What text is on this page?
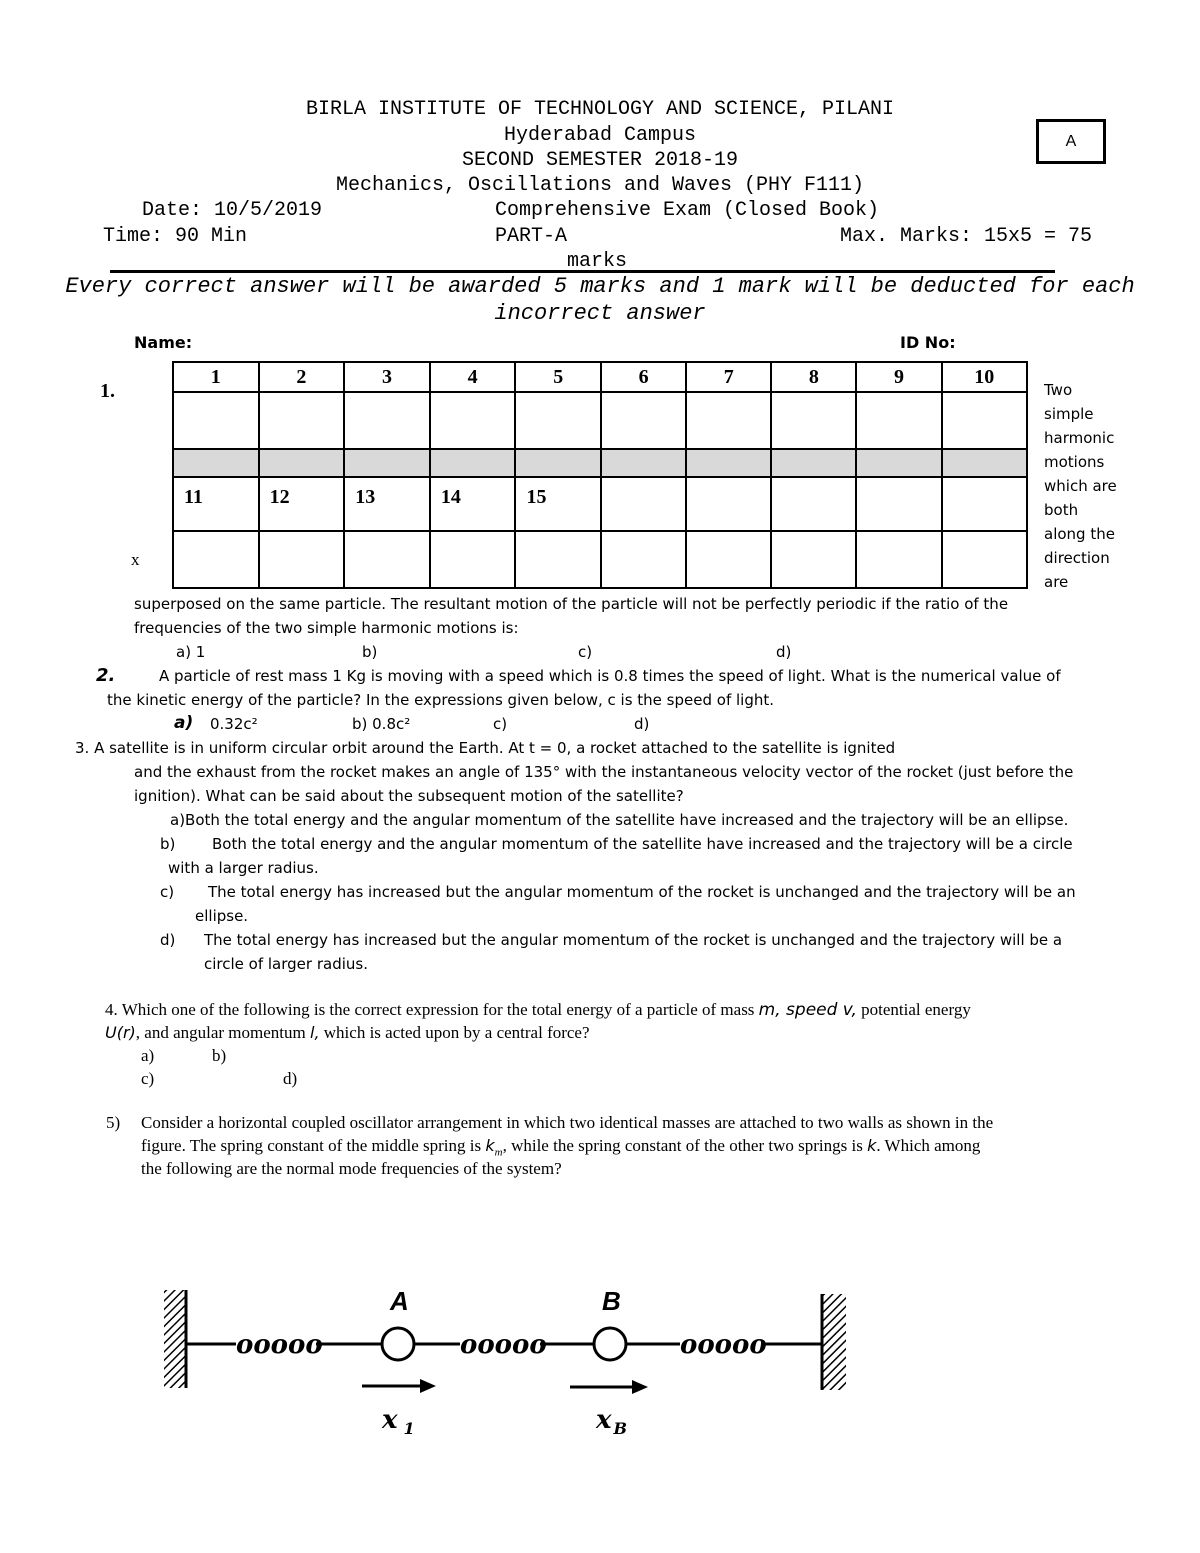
BIRLA INSTITUTE OF TECHNOLOGY AND SCIENCE, PILANI
Hyderabad Campus
SECOND SEMESTER 2018-19
Mechanics, Oscillations and Waves (PHY F111)
A
Date: 10/5/2019	Comprehensive Exam (Closed Book)
Time: 90 Min	PART-A	Max. Marks: 15x5 = 75
marks
Every correct answer will be awarded 5 marks and 1 mark will be deducted for each
incorrect answer
Name:	ID No:
1.
x
1	2	3	4	5	6	7	8	9	10

11	12	13	14	15					

Two
simple
harmonic
motions
which are
both
along the
direction
are
superposed on the same particle. The resultant motion of the particle will not be perfectly periodic if the ratio of the
frequencies of the two simple harmonic motions is:
a) 1	b)	c)	d)
2.	A particle of rest mass 1 Kg is moving with a speed which is 0.8 times the speed of light. What is the numerical value of
the kinetic energy of the particle? In the expressions given below, c is the speed of light.
a) 0.32c²	b) 0.8c²	c)	d)
3. A satellite is in uniform circular orbit around the Earth. At t = 0, a rocket attached to the satellite is ignited
and the exhaust from the rocket makes an angle of 135° with the instantaneous velocity vector of the rocket (just before the
ignition). What can be said about the subsequent motion of the satellite?
a)Both the total energy and the angular momentum of the satellite have increased and the trajectory will be an ellipse.
b) Both the total energy and the angular momentum of the satellite have increased and the trajectory will be a circle
with a larger radius.
c) The total energy has increased but the angular momentum of the rocket is unchanged and the trajectory will be an
ellipse.
d) The total energy has increased but the angular momentum of the rocket is unchanged and the trajectory will be a
circle of larger radius.
4. Which one of the following is the correct expression for the total energy of a particle of mass m, speed v, potential energy
U(r), and angular momentum l, which is acted upon by a central force?
a)	b)
c)	d)
5) Consider a horizontal coupled oscillator arrangement in which two identical masses are attached to two walls as shown in the
figure. The spring constant of the middle spring is $k_m$, while the spring constant of the other two springs is k. Which among
the following are the normal mode frequencies of the system?
ooooo	ooooo	ooooo
A	B
x $_1$	x $_B$
